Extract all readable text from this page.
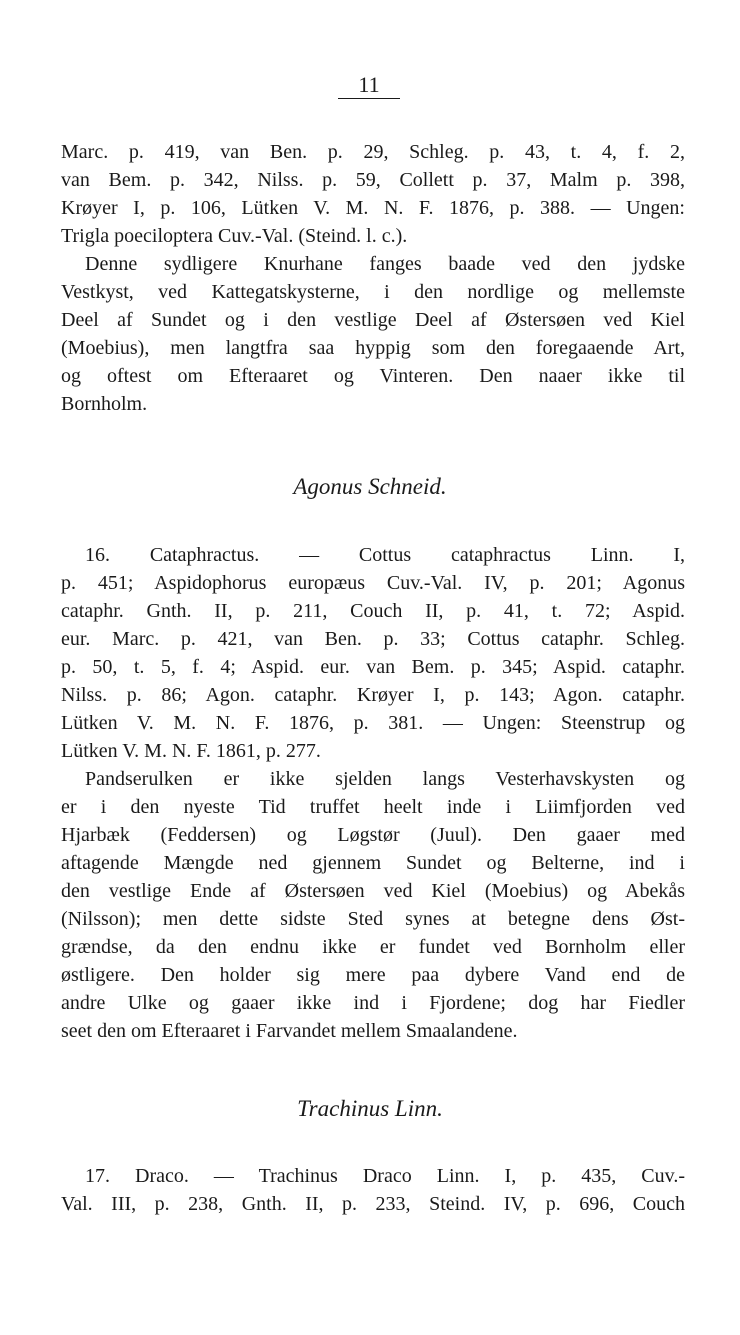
11
Marc. p. 419, van Ben. p. 29, Schleg. p. 43, t. 4, f. 2,
van Bem. p. 342, Nilss. p. 59, Collett p. 37, Malm p. 398,
Krøyer I, p. 106, Lütken V. M. N. F. 1876, p. 388. — Ungen:
Trigla poeciloptera Cuv.-Val. (Steind. l. c.).
Denne sydligere Knurhane fanges baade ved den jydske
Vestkyst, ved Kattegatskysterne, i den nordlige og mellemste
Deel af Sundet og i den vestlige Deel af Østersøen ved Kiel
(Moebius), men langtfra saa hyppig som den foregaaende Art,
og oftest om Efteraaret og Vinteren. Den naaer ikke til
Bornholm.
Agonus Schneid.
16. Cataphractus. — Cottus cataphractus Linn. I,
p. 451; Aspidophorus europæus Cuv.-Val. IV, p. 201; Agonus
cataphr. Gnth. II, p. 211, Couch II, p. 41, t. 72; Aspid.
eur. Marc. p. 421, van Ben. p. 33; Cottus cataphr. Schleg.
p. 50, t. 5, f. 4; Aspid. eur. van Bem. p. 345; Aspid. cataphr.
Nilss. p. 86; Agon. cataphr. Krøyer I, p. 143; Agon. cataphr.
Lütken V. M. N. F. 1876, p. 381. — Ungen: Steenstrup og
Lütken V. M. N. F. 1861, p. 277.
Pandserulken er ikke sjelden langs Vesterhavskysten og
er i den nyeste Tid truffet heelt inde i Liimfjorden ved
Hjarbæk (Feddersen) og Løgstør (Juul). Den gaaer med
aftagende Mængde ned gjennem Sundet og Belterne, ind i
den vestlige Ende af Østersøen ved Kiel (Moebius) og Abekås
(Nilsson); men dette sidste Sted synes at betegne dens Øst-
grændse, da den endnu ikke er fundet ved Bornholm eller
østligere. Den holder sig mere paa dybere Vand end de
andre Ulke og gaaer ikke ind i Fjordene; dog har Fiedler
seet den om Efteraaret i Farvandet mellem Smaalandene.
Trachinus Linn.
17. Draco. — Trachinus Draco Linn. I, p. 435, Cuv.-
Val. III, p. 238, Gnth. II, p. 233, Steind. IV, p. 696, Couch
